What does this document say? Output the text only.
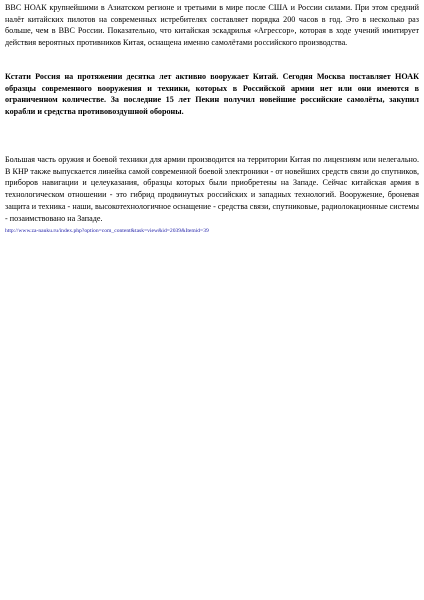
ВВС НОАК крупнейшими в Азиатском регионе и третьими в мире после США и России силами. При этом средний налёт китайских пилотов на современных истребителях составляет порядка 200 часов в год. Это в несколько раз больше, чем в ВВС России. Показательно, что китайская эскадрилья «Агрессор», которая в ходе учений имитирует действия вероятных противников Китая, оснащена именно самолётами российского производства.

Кстати Россия на протяжении десятка лет активно вооружает Китай. Сегодня Москва поставляет НОАК образцы современного вооружения и техники, которых в Российской армии нет или они имеются в ограниченном количестве. За последние 15 лет Пекин получил новейшие российские самолёты, закупил корабли и средства противовоздушной обороны.

Большая часть оружия и боевой техники для армии производится на территории Китая по лицензиям или нелегально. В КНР также выпускается линейка самой современной боевой электроники - от новейших средств связи до спутников, приборов навигации и целеуказания, образцы которых были приобретены на Западе. Сейчас китайская армия в технологическом отношении - это гибрид продвинутых российских и западных технологий. Вооружение, броневая защита и техника - наши, высокотехнологичное оснащение - средства связи, спутниковые, радиолокационные системы - позаимствовано на Западе.

http://www.za-nauku.ru/index.php?option=com_content&task=view&id=2039&Itemid=39
